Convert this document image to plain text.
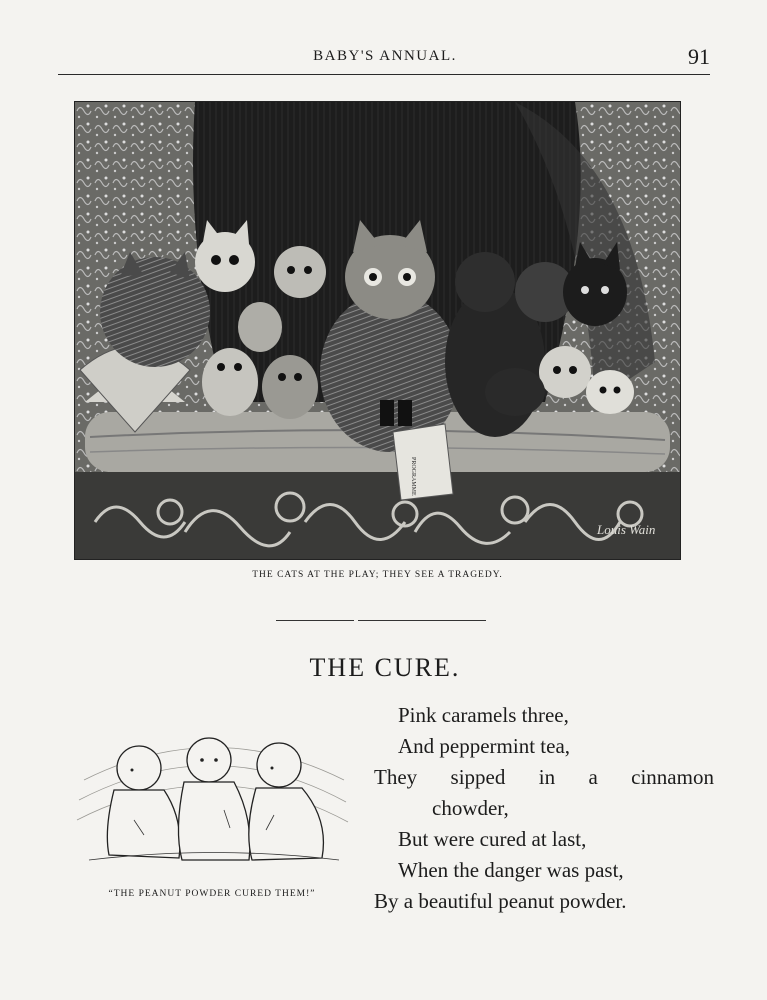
BABY'S ANNUAL.	91
PROGRAMME
Louis Wain
THE CATS AT THE PLAY; THEY SEE A TRAGEDY.
THE CURE.
“THE PEANUT POWDER CURED THEM!”
Pink caramels three,
And peppermint tea,
They sipped in a cinnamon
chowder,
But were cured at last,
When the danger was past,
By a beautiful peanut powder.
